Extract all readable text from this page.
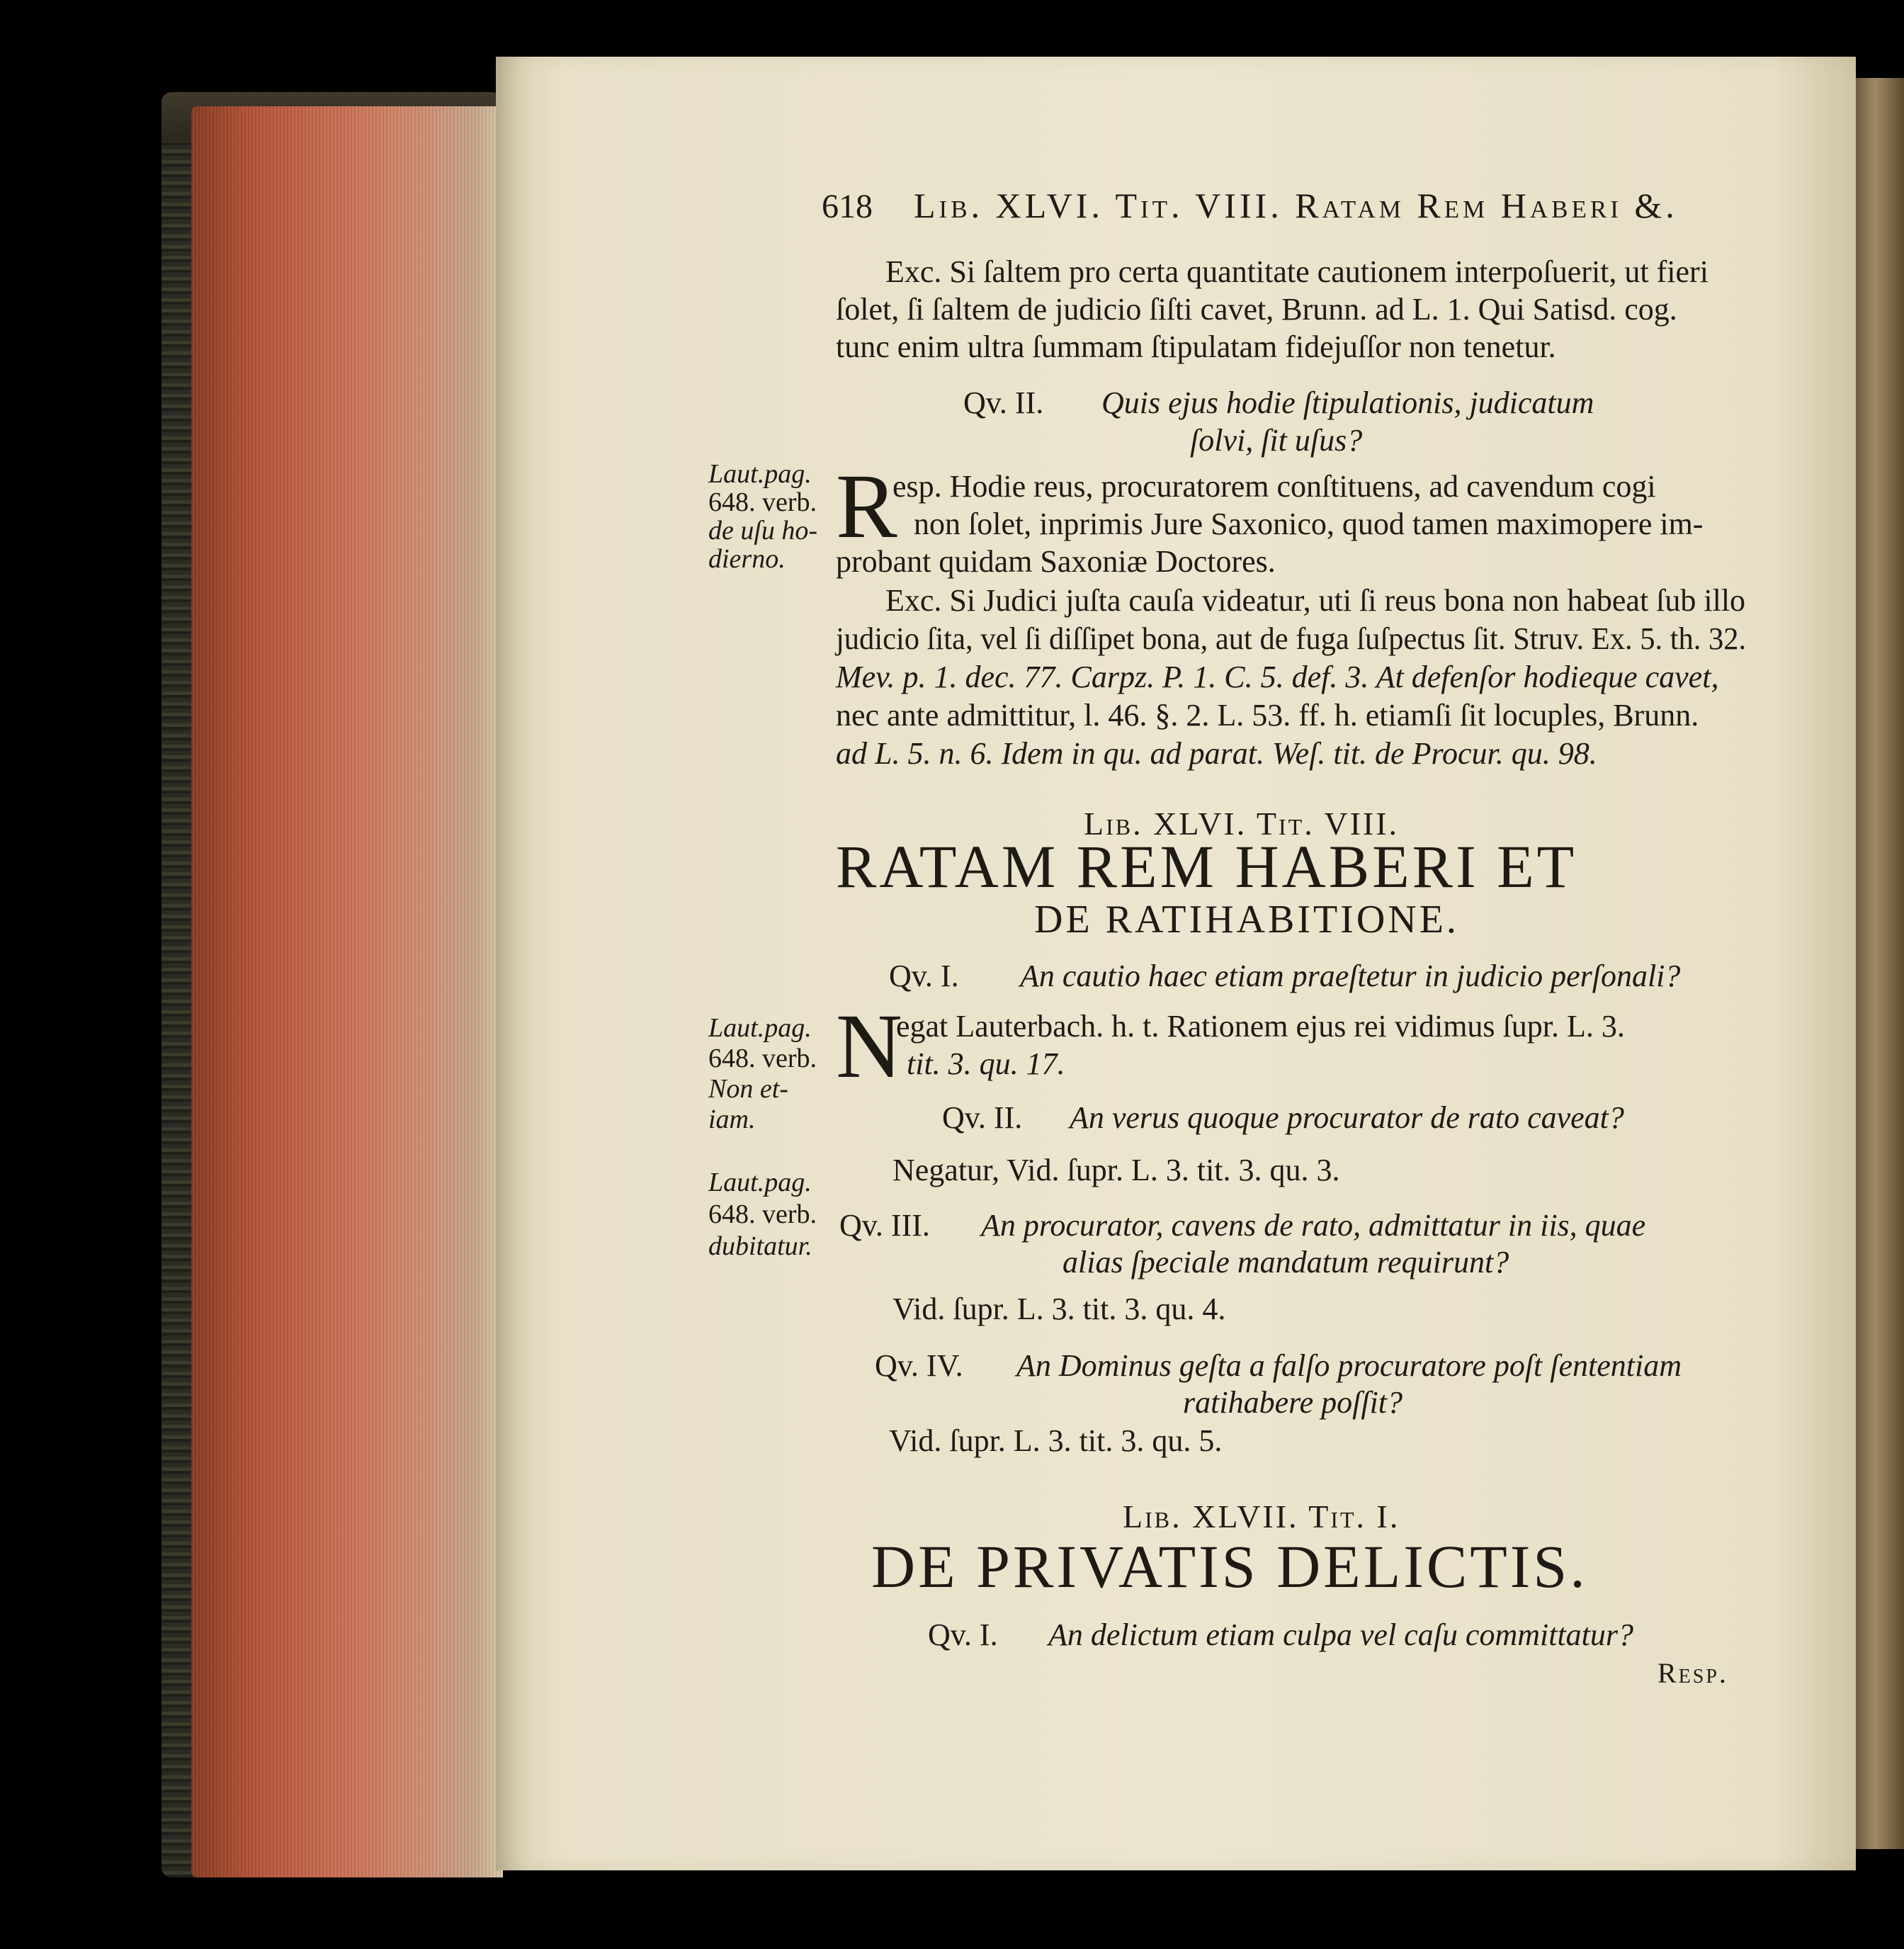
618 Lib. XLVI. Tit. VIII. Ratam Rem Haberi &.
Exc. Si ſaltem pro certa quantitate cautionem interpoſuerit, ut fieri
ſolet, ſi ſaltem de judicio ſiſti cavet, Brunn. ad L. 1. Qui Satisd. cog.
tunc enim ultra ſummam ſtipulatam fidejuſſor non tenetur.
Qv. II. Quis ejus hodie ſtipulationis, judicatum
ſolvi, ſit uſus?
Laut.pag.
648. verb.
de uſu ho-
dierno.
R
esp. Hodie reus, procuratorem conſtituens, ad cavendum cogi
non ſolet, inprimis Jure Saxonico, quod tamen maximopere im-
probant quidam Saxoniæ Doctores.
Exc. Si Judici juſta cauſa videatur, uti ſi reus bona non habeat ſub illo
judicio ſita, vel ſi diſſipet bona, aut de fuga ſuſpectus ſit. Struv. Ex. 5. th. 32.
Mev. p. 1. dec. 77. Carpz. P. 1. C. 5. def. 3. At defenſor hodieque cavet,
nec ante admittitur, l. 46. §. 2. L. 53. ff. h. etiamſi ſit locuples, Brunn.
ad L. 5. n. 6. Idem in qu. ad parat. Weſ. tit. de Procur. qu. 98.
Lib. XLVI. Tit. VIII.
RATAM REM HABERI ET
DE RATIHABITIONE.
Qv. I. An cautio haec etiam praeſtetur in judicio perſonali?
Laut.pag.
648. verb.
Non et-
iam.
N
egat Lauterbach. h. t. Rationem ejus rei vidimus ſupr. L. 3.
tit. 3. qu. 17.
Qv. II. An verus quoque procurator de rato caveat?
Negatur, Vid. ſupr. L. 3. tit. 3. qu. 3.
Laut.pag.
648. verb.
dubitatur.
Qv. III. An procurator, cavens de rato, admittatur in iis, quae
alias ſpeciale mandatum requirunt?
Vid. ſupr. L. 3. tit. 3. qu. 4.
Qv. IV. An Dominus geſta a falſo procuratore poſt ſententiam
ratihabere poſſit?
Vid. ſupr. L. 3. tit. 3. qu. 5.
Lib. XLVII. Tit. I.
DE PRIVATIS DELICTIS.
Qv. I. An delictum etiam culpa vel caſu committatur?
Resp.
